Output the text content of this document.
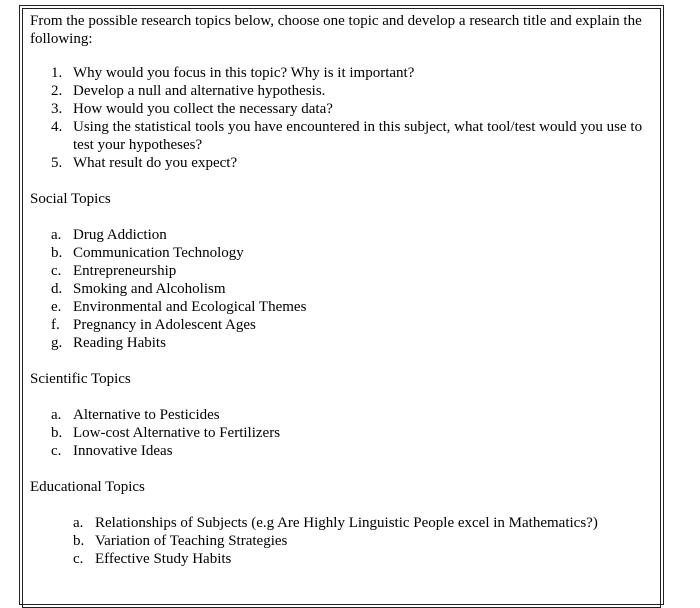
From the possible research topics below, choose one topic and develop a research title and explain the following:

1. Why would you focus in this topic? Why is it important?
2. Develop a null and alternative hypothesis.
3. How would you collect the necessary data?
4. Using the statistical tools you have encountered in this subject, what tool/test would you use to test your hypotheses?
5. What result do you expect?

Social Topics

a. Drug Addiction
b. Communication Technology
c. Entrepreneurship
d. Smoking and Alcoholism
e. Environmental and Ecological Themes
f. Pregnancy in Adolescent Ages
g. Reading Habits

Scientific Topics

a. Alternative to Pesticides
b. Low-cost Alternative to Fertilizers
c. Innovative Ideas

Educational Topics

a. Relationships of Subjects (e.g Are Highly Linguistic People excel in Mathematics?)
b. Variation of Teaching Strategies
c. Effective Study Habits
